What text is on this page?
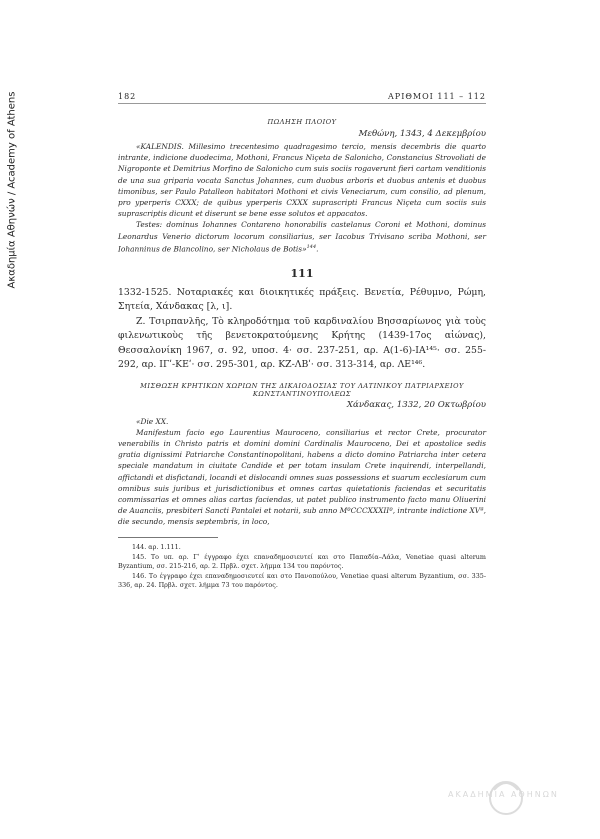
Ακαδημία Αθηνών / Academy of Athens	182	ΑΡΙΘΜΟΙ 111 – 112

ΠΩΛΗΣΗ ΠΛΟΙΟΥ

Μεθώνη, 1343, 4 Δεκεμβρίου

«KALENDIS. Millesimo trecentesimo quadragesimo tercio, mensis decembris die quarto intrante, indicione duodecima, Mothoni, Francus Niçeta de Salonicho, Constancius Strovoliati de Nigroponte et Demitrius Morfino de Salonicho cum suis sociis rogaverunt fieri cartam venditionis de una sua griparia vocata Sanctus Johannes, cum duobus arboris et duobus antenis et duobus timonibus, ser Paulo Patalleon habitatori Mothoni et civis Veneciarum, cum consilio, ad plenum, pro yperperis CXXX; de quibus yperperis CXXX suprascripti Francus Niçeta cum sociis suis suprascriptis dicunt et diserunt se bene esse solutos et appacatos.

Testes: dominus Iohannes Contareno honorabilis castelanus Coroni et Mothoni, dominus Leonardus Venerio dictorum locorum consiliarius, ser Iacobus Trivisano scriba Mothoni, ser Iohanninus de Blancolino, ser Nicholaus de Botis»$^{144}$.

111

1332-1525. Νοταριακές και διοικητικές πράξεις. Βενετία, Ρέθυμνο, Ρώμη, Σητεία, Χάνδακας [λ, ι].

Ζ. Τσιρπανλῆς, Τὸ κληροδότημα τοῦ καρδιναλίου Βησσαρίωνος γιὰ τοὺς φιλενωτικοὺς τῆς βενετοκρατούμενης Κρήτης (1439-17ος αἰώνας), Θεσσαλονίκη 1967, σ. 92, υποσ. 4· σσ. 237-251, αρ. Α(1-6)-ΙΑ¹⁴⁵· σσ. 255-292, αρ. ΙΓʹ-ΚΕʹ· σσ. 295-301, αρ. ΚΖ-ΛΒʹ· σσ. 313-314, αρ. ΛΕ¹⁴⁶.

ΜΙΣΘΩΣΗ ΚΡΗΤΙΚΩΝ ΧΩΡΙΩΝ ΤΗΣ ΔΙΚΑΙΟΔΟΣΙΑΣ ΤΟΥ ΛΑΤΙΝΙΚΟΥ ΠΑΤΡΙΑΡΧΕΙΟΥ

ΚΩΝΣΤΑΝΤΙΝΟΥΠΟΛΕΩΣ

Χάνδακας, 1332, 20 Οκτωβρίου

«Die XX.

Manifestum facio ego Laurentius Mauroceno, consiliarius et rector Crete, procurator venerabilis in Christo patris et domini domini Cardinalis Mauroceno, Dei et apostolice sedis gratia dignissimi Patriarche Constantinopolitani, habens a dicto domino Patriarcha inter cetera speciale mandatum in ciuitate Candide et per totam insulam Crete inquirendi, interpellandi, affictandi et disfictandi, locandi et dislocandi omnes suas possessions et suarum ecclesiarum cum omnibus suis juribus et jurisdictionibus et omnes cartas quietationis faciendas et securitatis commissarias et omnes alias cartas faciendas, ut patet publico instrumento facto manu Oliuerini de Auanciis, presbiteri Sancti Pantalei et notarii, sub anno MºCCCXXXIIº, intrante indictione XVª, die secundo, mensis septembris, in loco,

144. αρ. 1.111.

145. Το υπ. αρ. Γʹ έγγραφο έχει επαναδημοσιευτεί και στο Παπαδία–Λάλα, Venetiae quasi alterum Byzantium, σσ. 215-216, αρ. 2. Πρβλ. σχετ. λήμμα 134 του παρόντος.

146. Το έγγραφο έχει επαναδημοσιευτεί και στο Πανοπούλου, Venetiae quasi alterum Byzantium, σσ. 335-336, αρ. 24. Πρβλ. σχετ. λήμμα 73 του παρόντος.

ΑΚΑΔΗΜΙΑ ΑΘΗΝΩΝ
